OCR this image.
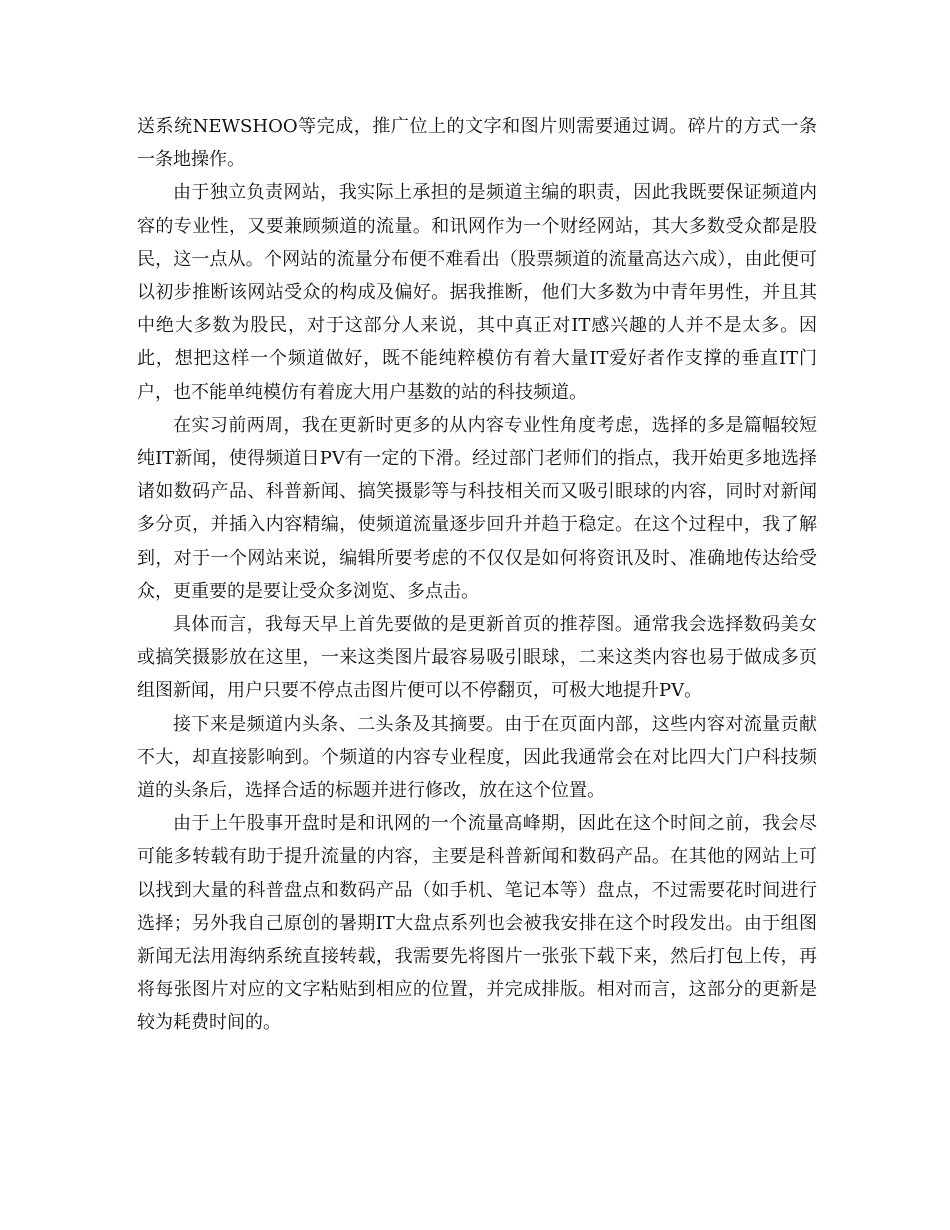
送系统NEWSHOO等完成，推广位上的文字和图片则需要通过调。碎片的方式一条一条地操作。

由于独立负责网站，我实际上承担的是频道主编的职责，因此我既要保证频道内容的专业性，又要兼顾频道的流量。和讯网作为一个财经网站，其大多数受众都是股民，这一点从。个网站的流量分布便不难看出（股票频道的流量高达六成），由此便可以初步推断该网站受众的构成及偏好。据我推断，他们大多数为中青年男性，并且其中绝大多数为股民，对于这部分人来说，其中真正对IT感兴趣的人并不是太多。因此，想把这样一个频道做好，既不能纯粹模仿有着大量IT爱好者作支撑的垂直IT门户，也不能单纯模仿有着庞大用户基数的站的科技频道。

在实习前两周，我在更新时更多的从内容专业性角度考虑，选择的多是篇幅较短纯IT新闻，使得频道日PV有一定的下滑。经过部门老师们的指点，我开始更多地选择诸如数码产品、科普新闻、搞笑摄影等与科技相关而又吸引眼球的内容，同时对新闻多分页，并插入内容精编，使频道流量逐步回升并趋于稳定。在这个过程中，我了解到，对于一个网站来说，编辑所要考虑的不仅仅是如何将资讯及时、准确地传达给受众，更重要的是要让受众多浏览、多点击。

具体而言，我每天早上首先要做的是更新首页的推荐图。通常我会选择数码美女或搞笑摄影放在这里，一来这类图片最容易吸引眼球，二来这类内容也易于做成多页组图新闻，用户只要不停点击图片便可以不停翻页，可极大地提升PV。

接下来是频道内头条、二头条及其摘要。由于在页面内部，这些内容对流量贡献不大，却直接影响到。个频道的内容专业程度，因此我通常会在对比四大门户科技频道的头条后，选择合适的标题并进行修改，放在这个位置。

由于上午股事开盘时是和讯网的一个流量高峰期，因此在这个时间之前，我会尽可能多转载有助于提升流量的内容，主要是科普新闻和数码产品。在其他的网站上可以找到大量的科普盘点和数码产品（如手机、笔记本等）盘点，不过需要花时间进行选择；另外我自己原创的暑期IT大盘点系列也会被我安排在这个时段发出。由于组图新闻无法用海纳系统直接转载，我需要先将图片一张张下载下来，然后打包上传，再将每张图片对应的文字粘贴到相应的位置，并完成排版。相对而言，这部分的更新是较为耗费时间的。
